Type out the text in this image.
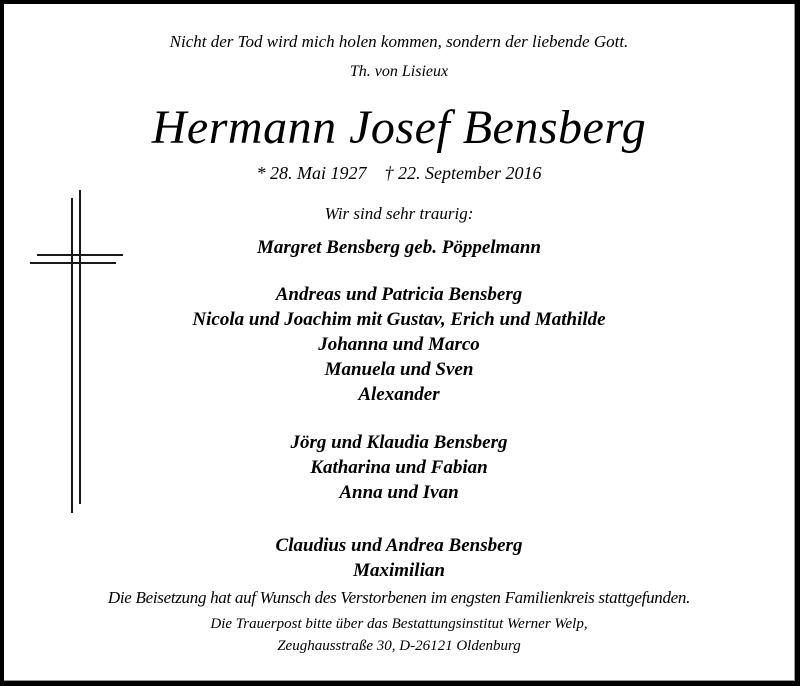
Nicht der Tod wird mich holen kommen, sondern der liebende Gott.
Th. von Lisieux
Hermann Josef Bensberg
* 28. Mai 1927 † 22. September 2016
Wir sind sehr traurig:
Margret Bensberg geb. Pöppelmann
Andreas und Patricia Bensberg
Nicola und Joachim mit Gustav, Erich und Mathilde
Johanna und Marco
Manuela und Sven
Alexander
Jörg und Klaudia Bensberg
Katharina und Fabian
Anna und Ivan
Claudius und Andrea Bensberg
Maximilian
Die Beisetzung hat auf Wunsch des Verstorbenen im engsten Familienkreis stattgefunden.
Die Trauerpost bitte über das Bestattungsinstitut Werner Welp,
Zeughausstraße 30, D-26121 Oldenburg
